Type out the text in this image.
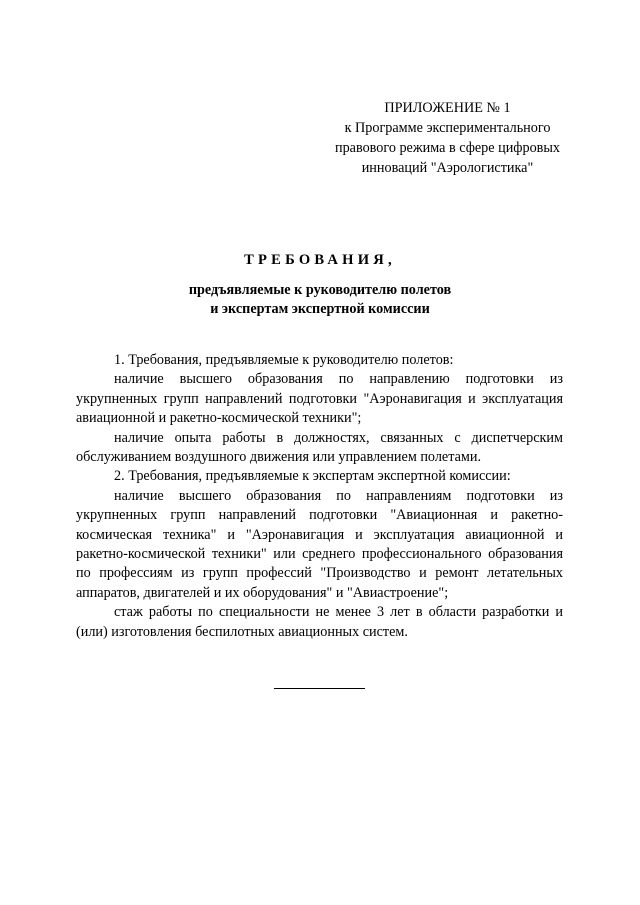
ПРИЛОЖЕНИЕ № 1
к Программе экспериментального
правового режима в сфере цифровых
инноваций "Аэрологистика"
ТРЕБОВАНИЯ,
предъявляемые к руководителю полетов
и экспертам экспертной комиссии

1. Требования, предъявляемые к руководителю полетов:

наличие высшего образования по направлению подготовки из укрупненных групп направлений подготовки "Аэронавигация и эксплуатация авиационной и ракетно-космической техники";

наличие опыта работы в должностях, связанных с диспетчерским обслуживанием воздушного движения или управлением полетами.

2. Требования, предъявляемые к экспертам экспертной комиссии:

наличие высшего образования по направлениям подготовки из укрупненных групп направлений подготовки "Авиационная и ракетно-космическая техника" и "Аэронавигация и эксплуатация авиационной и ракетно-космической техники" или среднего профессионального образования по профессиям из групп профессий "Производство и ремонт летательных аппаратов, двигателей и их оборудования" и "Авиастроение";

стаж работы по специальности не менее 3 лет в области разработки и (или) изготовления беспилотных авиационных систем.
